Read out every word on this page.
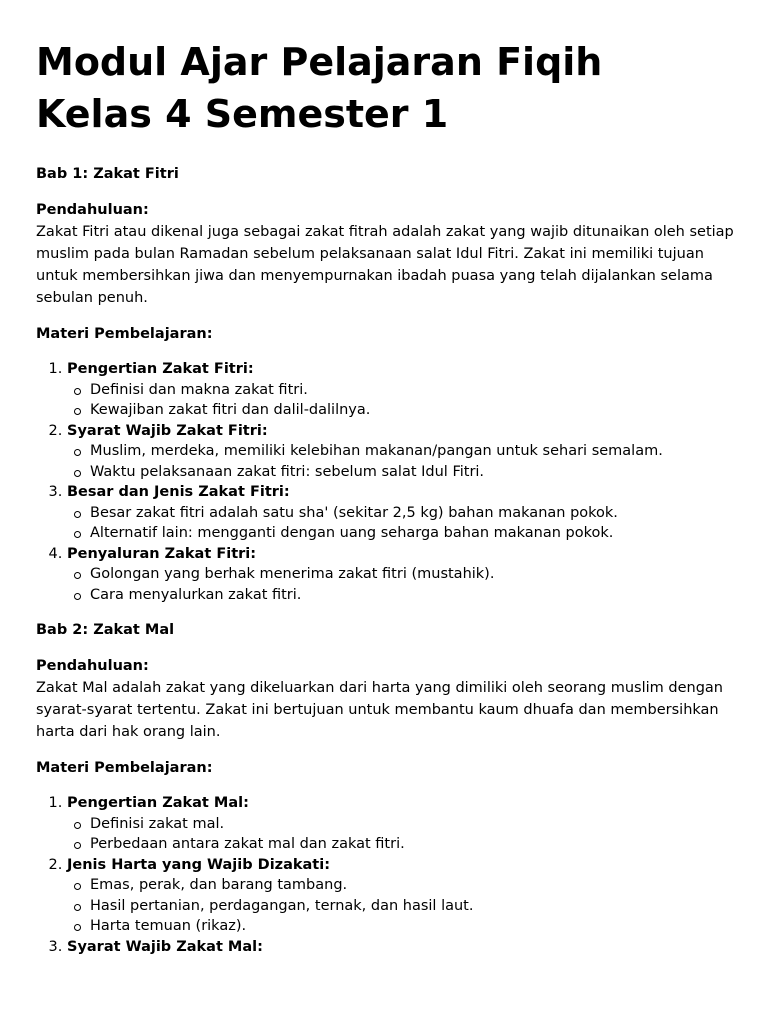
Modul Ajar Pelajaran Fiqih Kelas 4 Semester 1

Bab 1: Zakat Fitri

Pendahuluan:

Zakat Fitri atau dikenal juga sebagai zakat fitrah adalah zakat yang wajib ditunaikan oleh setiap muslim pada bulan Ramadan sebelum pelaksanaan salat Idul Fitri. Zakat ini memiliki tujuan untuk membersihkan jiwa dan menyempurnakan ibadah puasa yang telah dijalankan selama sebulan penuh.

Materi Pembelajaran:

1. Pengertian Zakat Fitri:
Definisi dan makna zakat fitri.
Kewajiban zakat fitri dan dalil-dalilnya.
2. Syarat Wajib Zakat Fitri:
Muslim, merdeka, memiliki kelebihan makanan/pangan untuk sehari semalam.
Waktu pelaksanaan zakat fitri: sebelum salat Idul Fitri.
3. Besar dan Jenis Zakat Fitri:
Besar zakat fitri adalah satu sha' (sekitar 2,5 kg) bahan makanan pokok.
Alternatif lain: mengganti dengan uang seharga bahan makanan pokok.
4. Penyaluran Zakat Fitri:
Golongan yang berhak menerima zakat fitri (mustahik).
Cara menyalurkan zakat fitri.

Bab 2: Zakat Mal

Pendahuluan:

Zakat Mal adalah zakat yang dikeluarkan dari harta yang dimiliki oleh seorang muslim dengan syarat-syarat tertentu. Zakat ini bertujuan untuk membantu kaum dhuafa dan membersihkan harta dari hak orang lain.

Materi Pembelajaran:

1. Pengertian Zakat Mal:
Definisi zakat mal.
Perbedaan antara zakat mal dan zakat fitri.
2. Jenis Harta yang Wajib Dizakati:
Emas, perak, dan barang tambang.
Hasil pertanian, perdagangan, ternak, dan hasil laut.
Harta temuan (rikaz).
3. Syarat Wajib Zakat Mal:
